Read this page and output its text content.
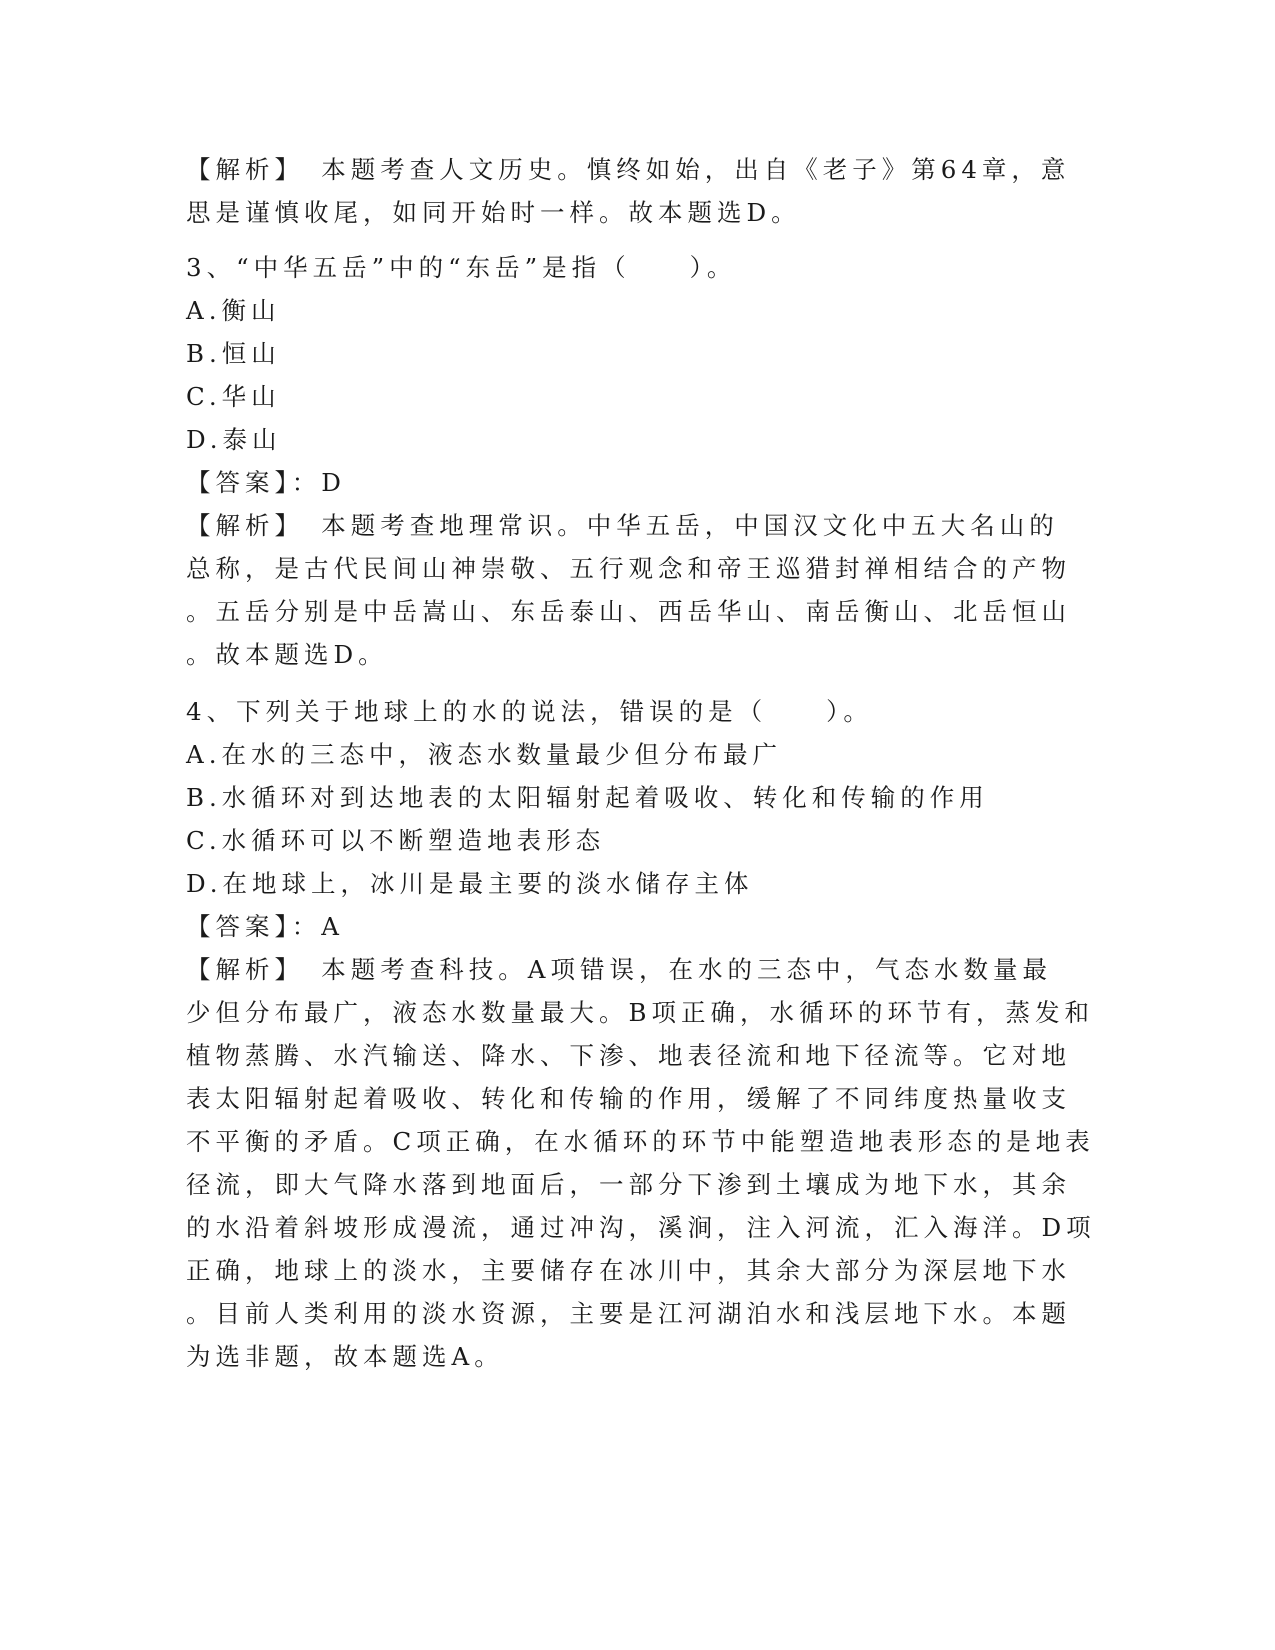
【解析】　本题考查人文历史。慎终如始，出自《老子》第64章，意
思是谨慎收尾，如同开始时一样。故本题选D。
3、“中华五岳”中的“东岳”是指（　　）。
A.衡山
B.恒山
C.华山
D.泰山
【答案】：D
【解析】　本题考查地理常识。中华五岳，中国汉文化中五大名山的
总称，是古代民间山神崇敬、五行观念和帝王巡猎封禅相结合的产物
。五岳分别是中岳嵩山、东岳泰山、西岳华山、南岳衡山、北岳恒山
。故本题选D。
4、下列关于地球上的水的说法，错误的是（　　）。
A.在水的三态中，液态水数量最少但分布最广
B.水循环对到达地表的太阳辐射起着吸收、转化和传输的作用
C.水循环可以不断塑造地表形态
D.在地球上，冰川是最主要的淡水储存主体
【答案】：A
【解析】　本题考查科技。A项错误，在水的三态中，气态水数量最
少但分布最广，液态水数量最大。B项正确，水循环的环节有，蒸发和
植物蒸腾、水汽输送、降水、下渗、地表径流和地下径流等。它对地
表太阳辐射起着吸收、转化和传输的作用，缓解了不同纬度热量收支
不平衡的矛盾。C项正确，在水循环的环节中能塑造地表形态的是地表
径流，即大气降水落到地面后，一部分下渗到土壤成为地下水，其余
的水沿着斜坡形成漫流，通过冲沟，溪涧，注入河流，汇入海洋。D项
正确，地球上的淡水，主要储存在冰川中，其余大部分为深层地下水
。目前人类利用的淡水资源，主要是江河湖泊水和浅层地下水。本题
为选非题，故本题选A。
